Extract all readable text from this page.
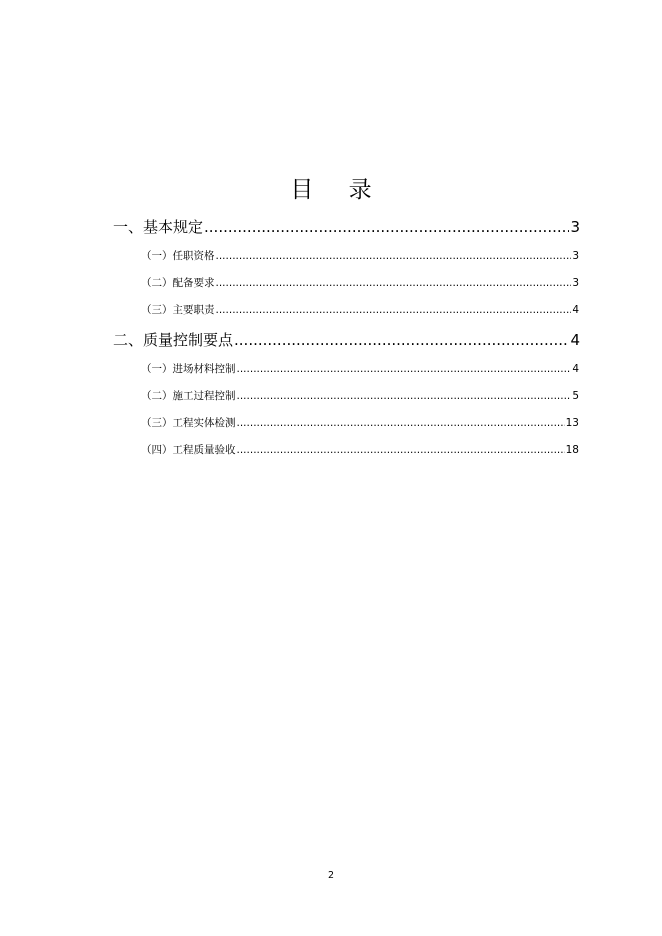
目 录
一、基本规定 .....	3
（一）任职资格 .....	3
（二）配备要求 .....	3
（三）主要职责 .....	4
二、质量控制要点 .....	4
（一）进场材料控制 .....	4
（二）施工过程控制 .....	5
（三）工程实体检测 .....	13
（四）工程质量验收 .....	18
2
